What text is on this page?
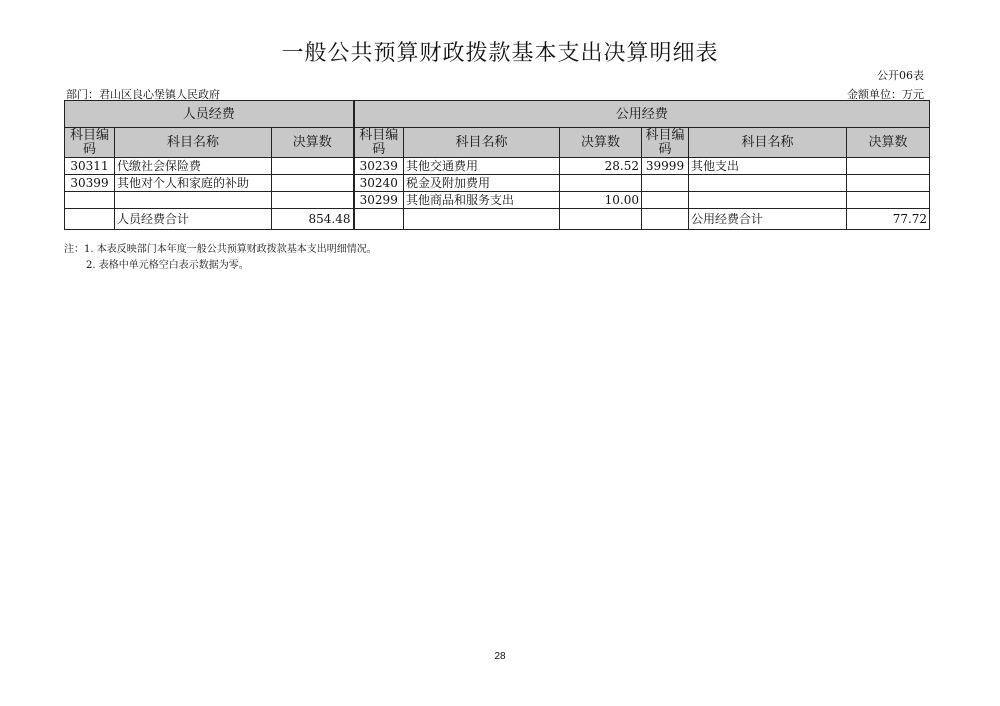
一般公共预算财政拨款基本支出决算明细表
公开06表
部门：君山区良心堡镇人民政府	金额单位：万元
人员经费			公用经费					
科目编码	科目名称	决算数	科目编码	科目名称	决算数	科目编码	科目名称	决算数
30311	代缴社会保险费		30239	其他交通费用	28.52	39999	其他支出	
30399	其他对个人和家庭的补助		30240	税金及附加费用				
			30299	其他商品和服务支出	10.00			
	人员经费合计	854.48					公用经费合计	77.72
注：1. 本表反映部门本年度一般公共预算财政拨款基本支出明细情况。
2. 表格中单元格空白表示数据为零。
28
